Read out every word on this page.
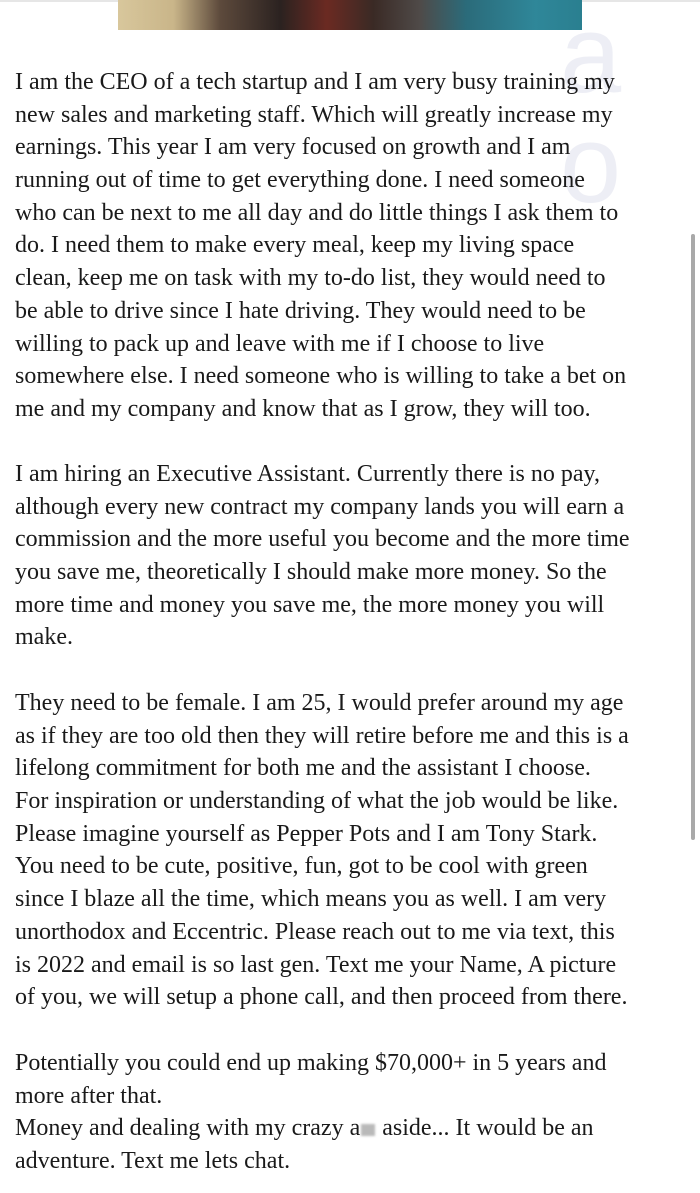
a
o
I am the CEO of a tech startup and I am very busy training my
new sales and marketing staff. Which will greatly increase my
earnings. This year I am very focused on growth and I am
running out of time to get everything done. I need someone
who can be next to me all day and do little things I ask them to
do. I need them to make every meal, keep my living space
clean, keep me on task with my to-do list, they would need to
be able to drive since I hate driving. They would need to be
willing to pack up and leave with me if I choose to live
somewhere else. I need someone who is willing to take a bet on
me and my company and know that as I grow, they will too.
I am hiring an Executive Assistant. Currently there is no pay,
although every new contract my company lands you will earn a
commission and the more useful you become and the more time
you save me, theoretically I should make more money. So the
more time and money you save me, the more money you will
make.
They need to be female. I am 25, I would prefer around my age
as if they are too old then they will retire before me and this is a
lifelong commitment for both me and the assistant I choose.
For inspiration or understanding of what the job would be like.
Please imagine yourself as Pepper Pots and I am Tony Stark.
You need to be cute, positive, fun, got to be cool with green
since I blaze all the time, which means you as well. I am very
unorthodox and Eccentric. Please reach out to me via text, this
is 2022 and email is so last gen. Text me your Name, A picture
of you, we will setup a phone call, and then proceed from there.
Potentially you could end up making $70,000+ in 5 years and
more after that.
Money and dealing with my crazy a aside... It would be an
adventure. Text me lets chat.
